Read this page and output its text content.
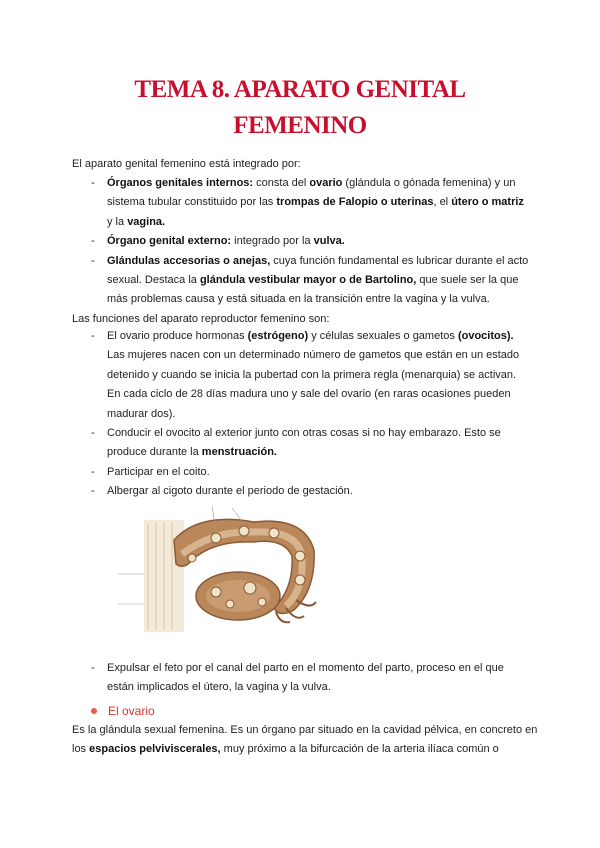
TEMA 8. APARATO GENITAL
FEMENINO
El aparato genital femenino está integrado por:
- Órganos genitales internos: consta del ovario (glándula o gónada femenina) y un sistema tubular constituido por las trompas de Falopio o uterinas, el útero o matriz y la vagina.
- Órgano genital externo: integrado por la vulva.
- Glándulas accesorias o anejas, cuya función fundamental es lubricar durante el acto sexual. Destaca la glándula vestibular mayor o de Bartolino, que suele ser la que más problemas causa y está situada en la transición entre la vagina y la vulva.
Las funciones del aparato reproductor femenino son:
- El ovario produce hormonas (estrógeno) y células sexuales o gametos (ovocitos). Las mujeres nacen con un determinado número de gametos que están en un estado detenido y cuando se inicia la pubertad con la primera regla (menarquia) se activan. En cada ciclo de 28 días madura uno y sale del ovario (en raras ocasiones pueden madurar dos).
- Conducir el ovocito al exterior junto con otras cosas si no hay embarazo. Esto se produce durante la menstruación.
- Participar en el coito.
- Albergar al cigoto durante el periodo de gestación.
- Expulsar el feto por el canal del parto en el momento del parto, proceso en el que están implicados el útero, la vagina y la vulva.
El ovario
Es la glándula sexual femenina. Es un órgano par situado en la cavidad pélvica, en concreto en los espacios pelviviscerales, muy próximo a la bifurcación de la arteria ilíaca común o
